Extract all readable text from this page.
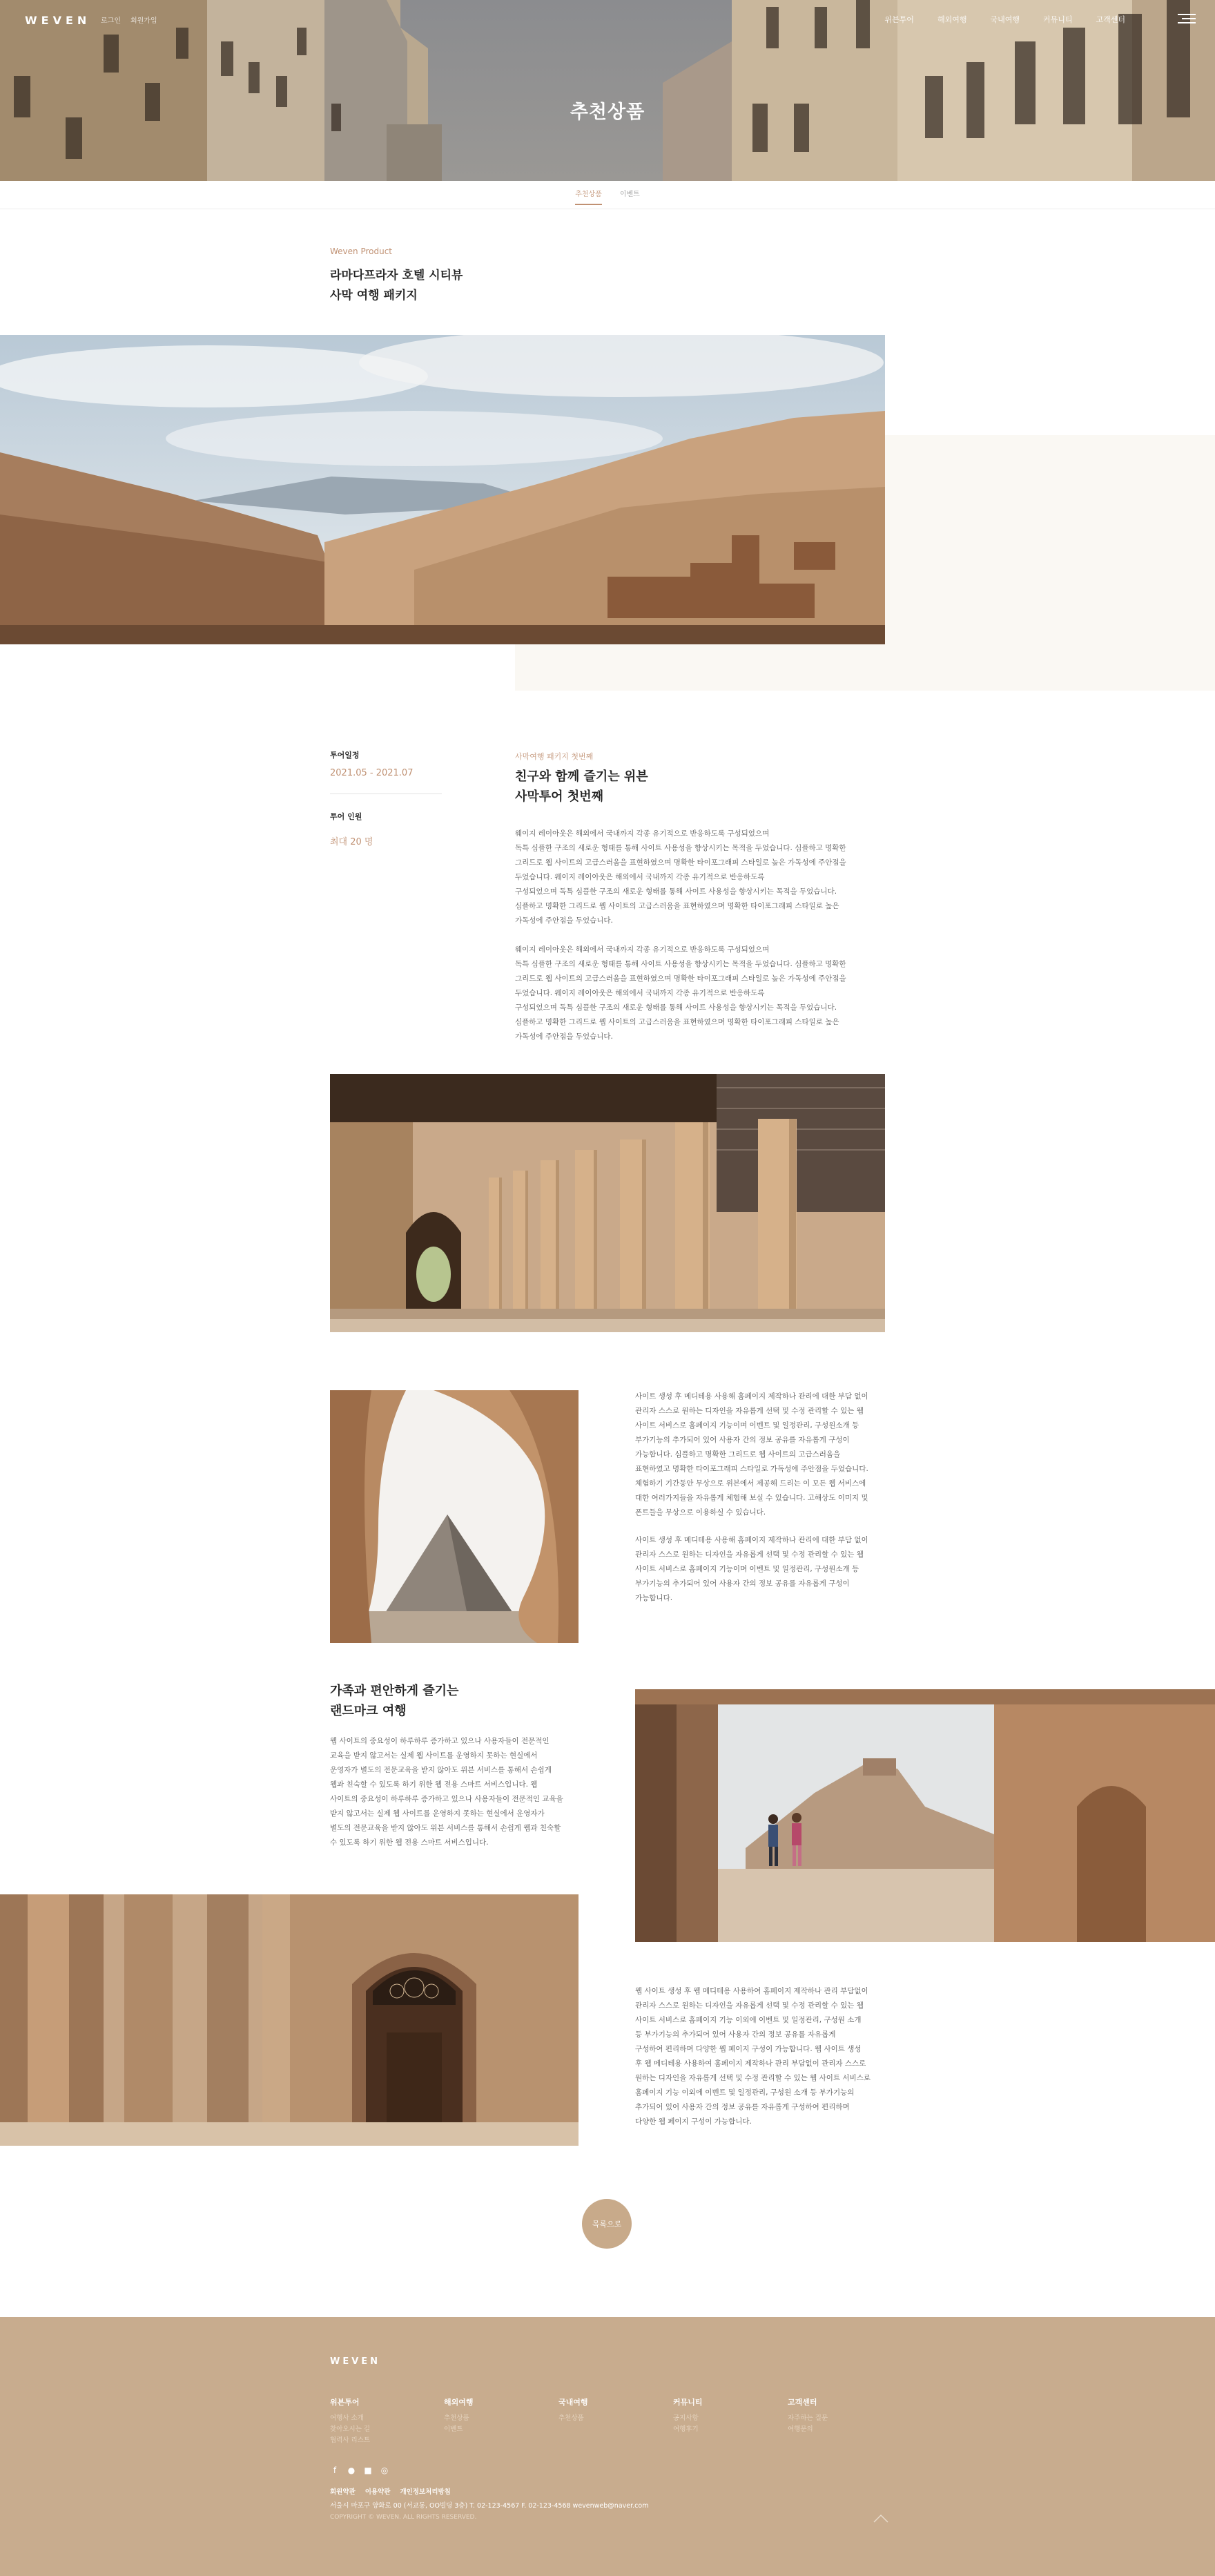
WEVEN 로그인 회원가입	위븐투어	해외여행	국내여행	커뮤니티	고객센터
추천상품
추천상품	이벤트
Weven Product
라마다프라자 호텔 시티뷰
사막 여행 패키지
투어일정
2021.05 - 2021.07
투어 인원
최대 20 명
사막여행 패키지 첫번째
친구와 함께 즐기는 위븐
사막투어 첫번째
웨이지 레이아웃은 해외에서 국내까지 각종 유기적으로 반응하도록 구성되었으며
독특 심플한 구조의 새로운 형태를 통해 사이트 사용성을 향상시키는 목적을 두었습니다. 심플하고 명확한
그리드로 웹 사이트의 고급스러움을 표현하였으며 명확한 타이포그래피 스타일로 높은 가독성에 주안점을
두었습니다. 웨이지 레이아웃은 해외에서 국내까지 각종 유기적으로 반응하도록
구성되었으며 독특 심플한 구조의 새로운 형태를 통해 사이트 사용성을 향상시키는 목적을 두었습니다.
심플하고 명확한 그리드로 웹 사이트의 고급스러움을 표현하였으며 명확한 타이포그래피 스타일로 높은
가독성에 주안점을 두었습니다.
웨이지 레이아웃은 해외에서 국내까지 각종 유기적으로 반응하도록 구성되었으며
독특 심플한 구조의 새로운 형태를 통해 사이트 사용성을 향상시키는 목적을 두었습니다. 심플하고 명확한
그리드로 웹 사이트의 고급스러움을 표현하였으며 명확한 타이포그래피 스타일로 높은 가독성에 주안점을
두었습니다. 웨이지 레이아웃은 해외에서 국내까지 각종 유기적으로 반응하도록
구성되었으며 독특 심플한 구조의 새로운 형태를 통해 사이트 사용성을 향상시키는 목적을 두었습니다.
심플하고 명확한 그리드로 웹 사이트의 고급스러움을 표현하였으며 명확한 타이포그래피 스타일로 높은
가독성에 주안점을 두었습니다.
사이트 생성 후 메디테용 사용해 홈페이지 제작하나 관리에 대한 부담 없이
관리자 스스로 원하는 디자인을 자유롭게 선택 및 수정 관리할 수 있는 웹
사이트 서비스로 홈페이지 기능이며 이벤트 및 일정관리, 구성원소개 등
부가기능의 추가되어 있어 사용자 간의 정보 공유를 자유롭게 구성이
가능합니다. 심플하고 명확한 그리드로 웹 사이트의 고급스러움을
표현하였고 명확한 타이포그래피 스타일로 가독성에 주안점을 두었습니다.
체험하기 기간동안 무상으로 위븐에서 제공해 드리는 이 모든 웹 서비스에
대한 여러가지들을 자유롭게 체험해 보실 수 있습니다. 고해상도 이미지 및
폰트들을 무상으로 이용하실 수 있습니다.
사이트 생성 후 메디테용 사용해 홈페이지 제작하나 관리에 대한 부담 없이
관리자 스스로 원하는 디자인을 자유롭게 선택 및 수정 관리할 수 있는 웹
사이트 서비스로 홈페이지 기능이며 이벤트 및 일정관리, 구성원소개 등
부가기능의 추가되어 있어 사용자 간의 정보 공유를 자유롭게 구성이
가능합니다.
가족과 편안하게 즐기는
랜드마크 여행
웹 사이트의 중요성이 하루하루 증가하고 있으나 사용자들이 전문적인
교육을 받지 않고서는 실제 웹 사이트를 운영하지 못하는 현실에서
운영자가 별도의 전문교육을 받지 않아도 위븐 서비스를 통해서 손쉽게
웹과 친숙할 수 있도록 하기 위한 웹 전용 스마트 서비스입니다. 웹
사이트의 중요성이 하루하루 증가하고 있으나 사용자들이 전문적인 교육을
받지 않고서는 실제 웹 사이트를 운영하지 못하는 현실에서 운영자가
별도의 전문교육을 받지 않아도 위븐 서비스를 통해서 손쉽게 웹과 친숙할
수 있도록 하기 위한 웹 전용 스마트 서비스입니다.
웹 사이트 생성 후 웹 메디테용 사용하여 홈페이지 제작하나 관리 부담없이
관리자 스스로 원하는 디자인을 자유롭게 선택 및 수정 관리할 수 있는 웹
사이트 서비스로 홈페이지 기능 이외에 이벤트 및 일정관리, 구성원 소개
등 부가기능의 추가되어 있어 사용자 간의 정보 공유를 자유롭게
구성하여 편리하며 다양한 웹 페이지 구성이 가능합니다. 웹 사이트 생성
후 웹 메디테용 사용하여 홈페이지 제작하나 관리 부담없이 관리자 스스로
원하는 디자인을 자유롭게 선택 및 수정 관리할 수 있는 웹 사이트 서비스로
홈페이지 기능 이외에 이벤트 및 일정관리, 구성원 소개 등 부가기능의
추가되어 있어 사용자 간의 정보 공유를 자유롭게 구성하여 편리하며
다양한 웹 페이지 구성이 가능합니다.
목록으로
WEVEN
위븐투어
여행사 소개
찾아오시는 길
협력사 리스트
해외여행
추천상품
이벤트
국내여행
추천상품
커뮤니티
공지사항
여행후기
고객센터
자주하는 질문
여행문의
f	● ■ ◎
회원약관 이용약관 개인정보처리방침
서울시 마포구 양화로 00 (서교동, OO빌딩 3층) T. 02-123-4567 F. 02-123-4568 wevenweb@naver.com
COPYRIGHT © WEVEN. ALL RIGHTS RESERVED.
